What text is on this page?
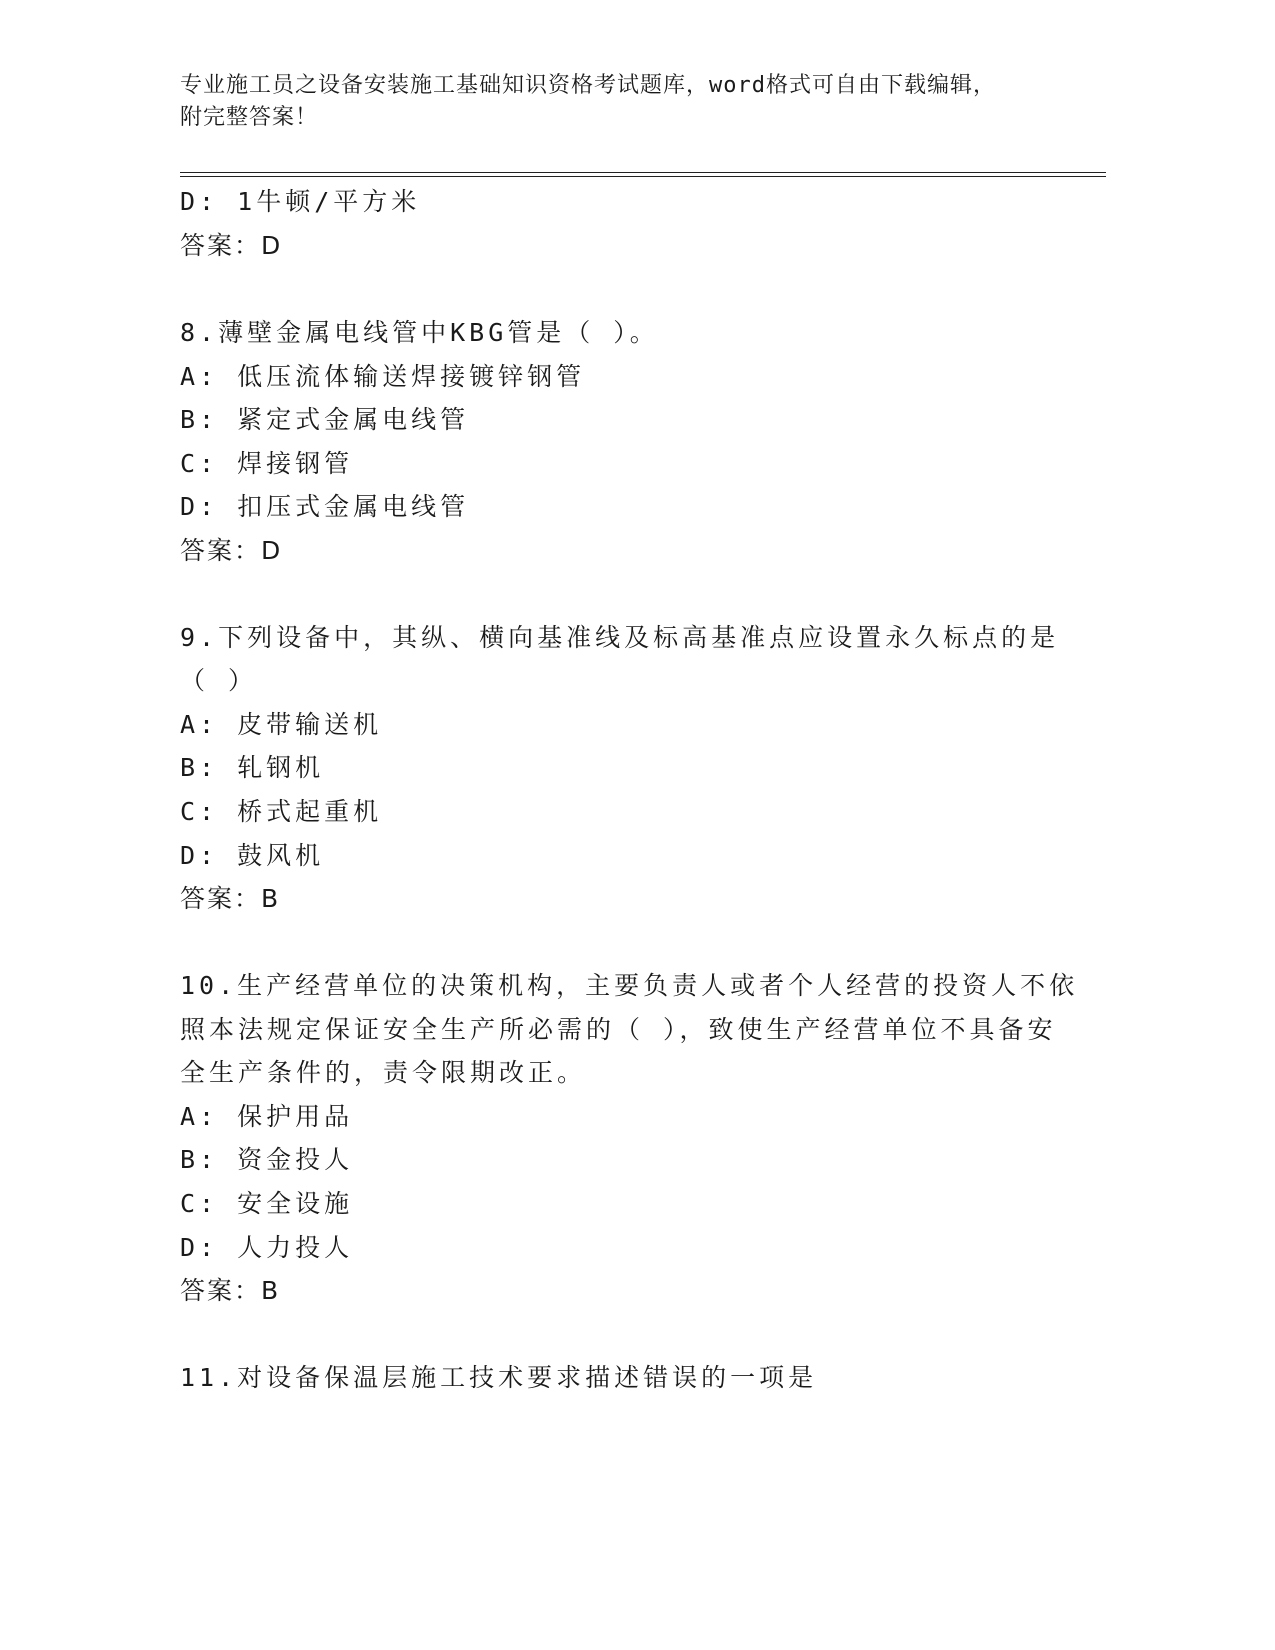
专业施工员之设备安装施工基础知识资格考试题库，word格式可自由下载编辑，
附完整答案！
D: 1牛顿/平方米
答案：D
8.薄壁金属电线管中KBG管是（ ）。
A: 低压流体输送焊接镀锌钢管
B: 紧定式金属电线管
C: 焊接钢管
D: 扣压式金属电线管
答案：D
9.下列设备中，其纵、横向基准线及标高基准点应设置永久标点的是
（ ）
A: 皮带输送机
B: 轧钢机
C: 桥式起重机
D: 鼓风机
答案：B
10.生产经营单位的决策机构，主要负责人或者个人经营的投资人不依
照本法规定保证安全生产所必需的（ ），致使生产经营单位不具备安
全生产条件的，责令限期改正。
A: 保护用品
B: 资金投人
C: 安全设施
D: 人力投人
答案：B
11.对设备保温层施工技术要求描述错误的一项是
